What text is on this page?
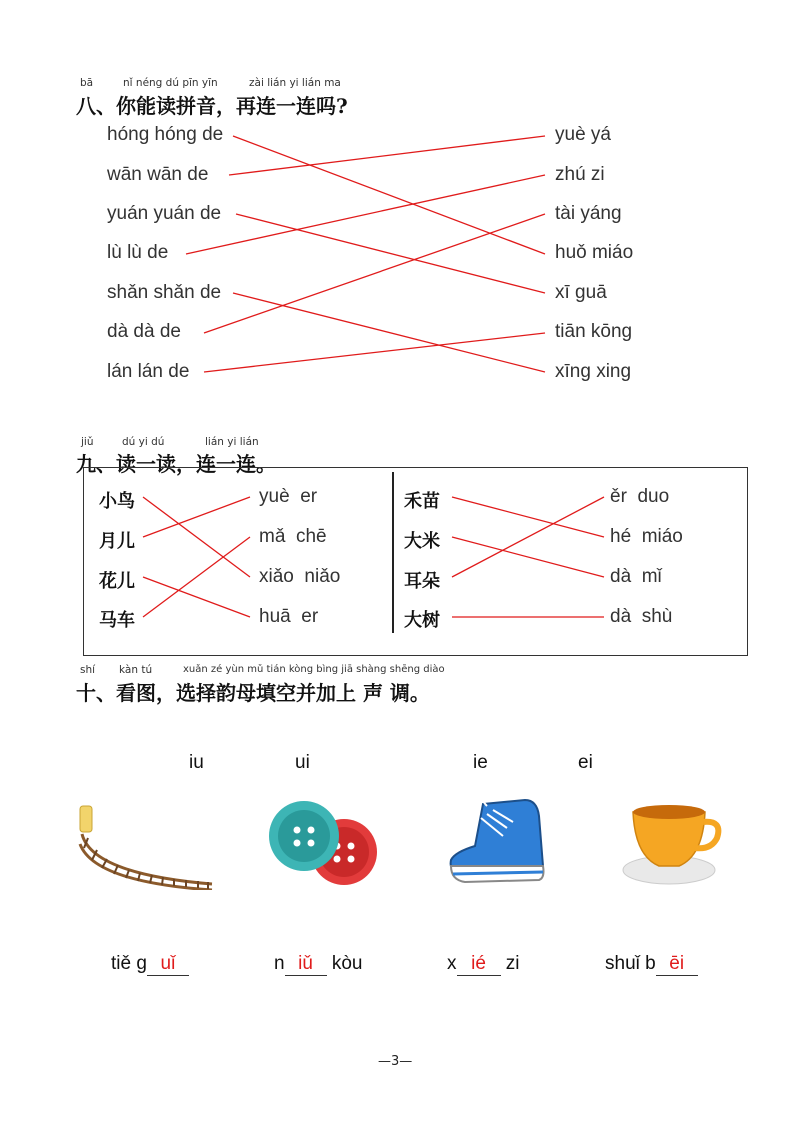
bā	nǐ néng dú pīn yīn	zài lián yi lián ma
八、你能读拼音，再连一连吗?
hóng hóng de
wān wān de
yuán yuán de
lù lù de
shǎn shǎn de
dà dà de
lán lán de
yuè yá
zhú zi
tài yáng
huǒ miáo
xī guā
tiān kōng
xīng xing
jiǔ	dú yi dú	lián yi lián
九、读一读，连一连。
小鸟
月儿
花儿
马车
yuè  er
mǎ  chē
xiǎo  niǎo
huā  er
禾苗
大米
耳朵
大树
ěr  duo
hé  miáo
dà  mǐ
dà  shù
shí kàn tú	xuǎn zé yùn mǔ tián kòng bìng jiā shàng shēng diào
十、看图，选择韵母填空并加上 声 调。
iu	ui	ie	ei
tiě g uǐ	n iǔ kòu	x ié zi	shuǐ b ēi
—3—
